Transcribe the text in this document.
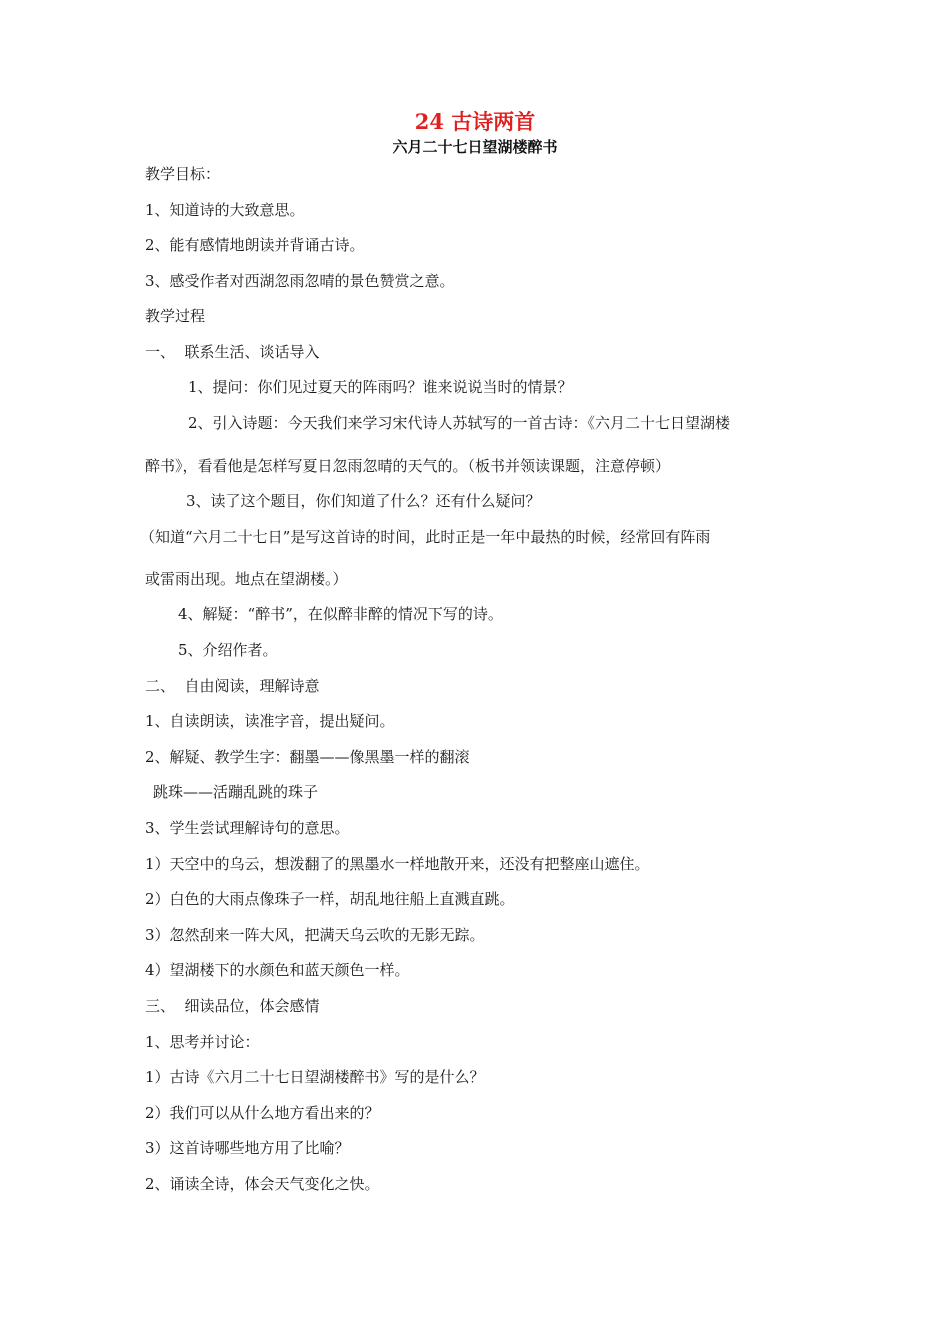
24 古诗两首
六月二十七日望湖楼醉书
教学目标：
1、知道诗的大致意思。
2、能有感情地朗读并背诵古诗。
3、感受作者对西湖忽雨忽晴的景色赞赏之意。
教学过程
一、  联系生活、谈话导入
1、提问：你们见过夏天的阵雨吗？谁来说说当时的情景？
2、引入诗题：今天我们来学习宋代诗人苏轼写的一首古诗：《六月二十七日望湖楼
醉书》，看看他是怎样写夏日忽雨忽晴的天气的。（板书并领读课题，注意停顿）
3、读了这个题目，你们知道了什么？还有什么疑问？
（知道“六月二十七日”是写这首诗的时间，此时正是一年中最热的时候，经常回有阵雨
或雷雨出现。地点在望湖楼。）
4、解疑：“醉书”，在似醉非醉的情况下写的诗。
5、介绍作者。
二、  自由阅读，理解诗意
1、自读朗读，读准字音，提出疑问。
2、解疑、教学生字：翻墨——像黑墨一样的翻滚
跳珠——活蹦乱跳的珠子
3、学生尝试理解诗句的意思。
1）天空中的乌云，想泼翻了的黑墨水一样地散开来，还没有把整座山遮住。
2）白色的大雨点像珠子一样，胡乱地往船上直溅直跳。
3）忽然刮来一阵大风，把满天乌云吹的无影无踪。
4）望湖楼下的水颜色和蓝天颜色一样。
三、  细读品位，体会感情
1、思考并讨论：
1）古诗《六月二十七日望湖楼醉书》写的是什么？
2）我们可以从什么地方看出来的？
3）这首诗哪些地方用了比喻？
2、诵读全诗，体会天气变化之快。
